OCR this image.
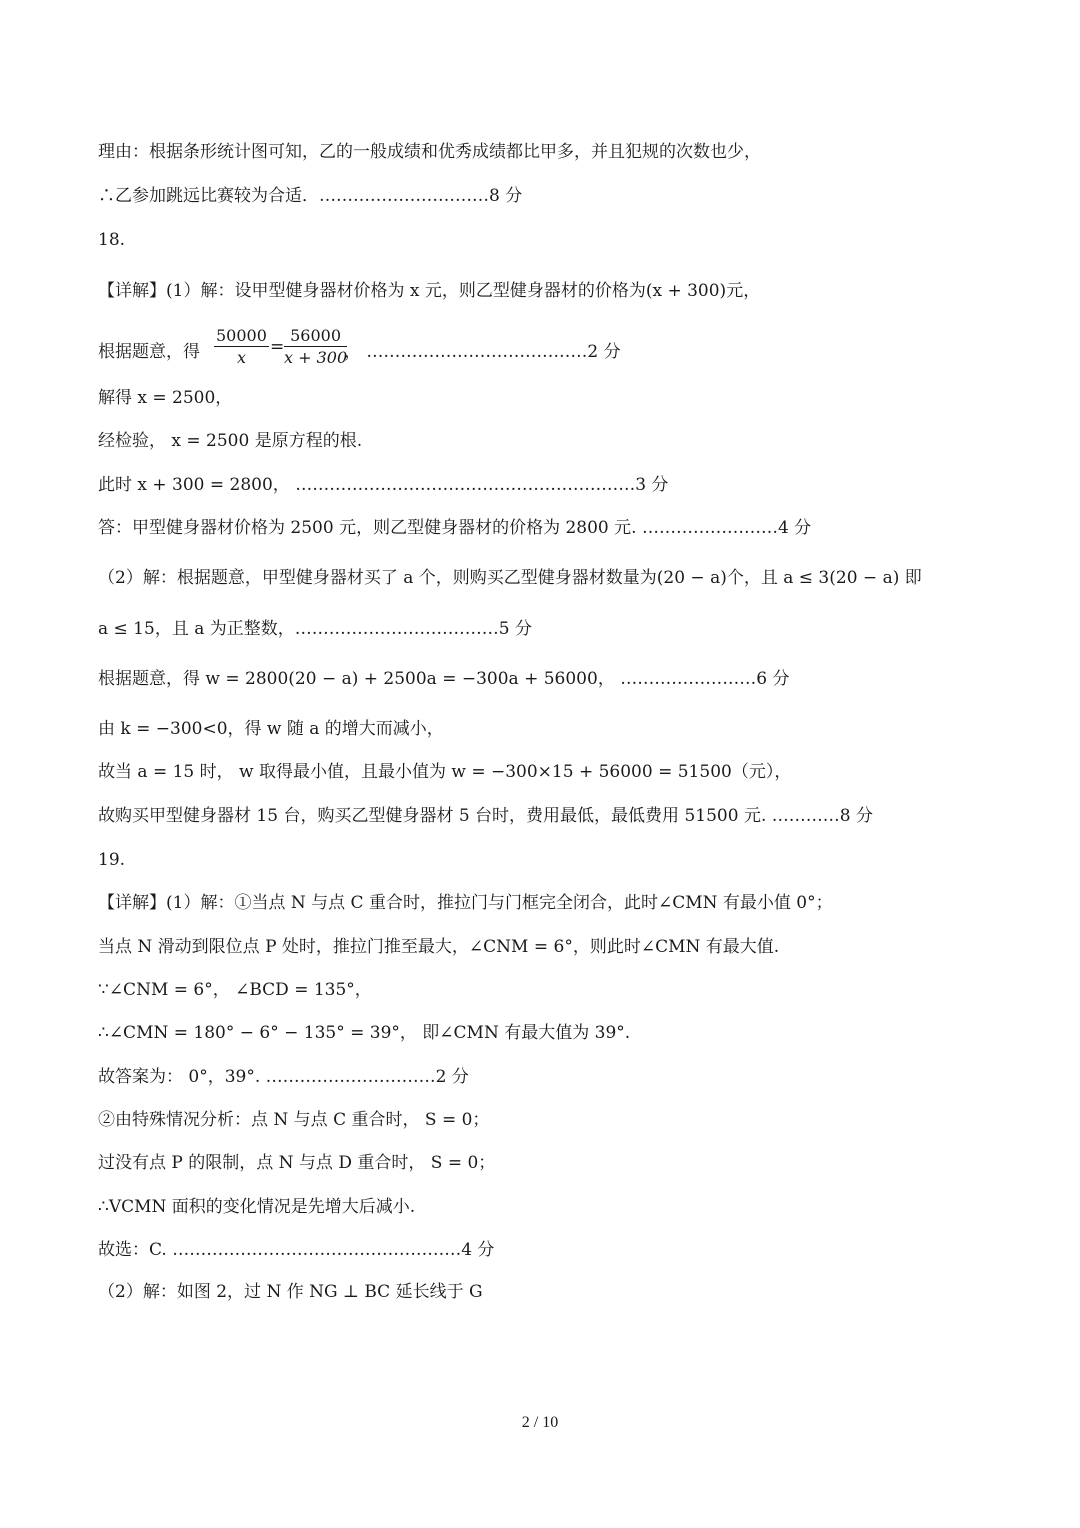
理由：根据条形统计图可知，乙的一般成绩和优秀成绩都比甲多，并且犯规的次数也少，
∴乙参加跳远比赛较为合适．…………………………8 分
18.
【详解】(1）解：设甲型健身器材价格为 x 元，则乙型健身器材的价格为(x + 300)元，
根据题意，得 $\frac{50000}{x} = \frac{56000}{x + 300}$
， …………………………………2 分
解得 x = 2500，
经检验， x = 2500 是原方程的根.
此时 x + 300 = 2800， ……………………………………………………3 分
答：甲型健身器材价格为 2500 元，则乙型健身器材的价格为 2800 元. ……………………4 分
（2）解：根据题意，甲型健身器材买了 a 个，则购买乙型健身器材数量为(20 − a)个，且 a ≤ 3(20 − a) 即
a ≤ 15，且 a 为正整数，………………………………5 分
根据题意，得 w = 2800(20 − a) + 2500a = −300a + 56000， ……………………6 分
由 k = −300<0，得 w 随 a 的增大而减小，
故当 a = 15 时， w 取得最小值，且最小值为 w = −300×15 + 56000 = 51500（元），
故购买甲型健身器材 15 台，购买乙型健身器材 5 台时，费用最低，最低费用 51500 元. …………8 分
19.
【详解】(1）解：①当点 N 与点 C 重合时，推拉门与门框完全闭合，此时∠CMN 有最小值 0°；
当点 N 滑动到限位点 P 处时，推拉门推至最大，∠CNM = 6°，则此时∠CMN 有最大值.
∵∠CNM = 6°， ∠BCD = 135°，
∴∠CMN = 180° − 6° − 135° = 39°， 即∠CMN 有最大值为 39°.
故答案为： 0°，39°. …………………………2 分
②由特殊情况分析：点 N 与点 C 重合时， S = 0；
过没有点 P 的限制，点 N 与点 D 重合时， S = 0；
∴VCMN 面积的变化情况是先增大后减小.
故选：C. ……………………………………………4 分
（2）解：如图 2，过 N 作 NG ⊥ BC 延长线于 G
2 / 10
